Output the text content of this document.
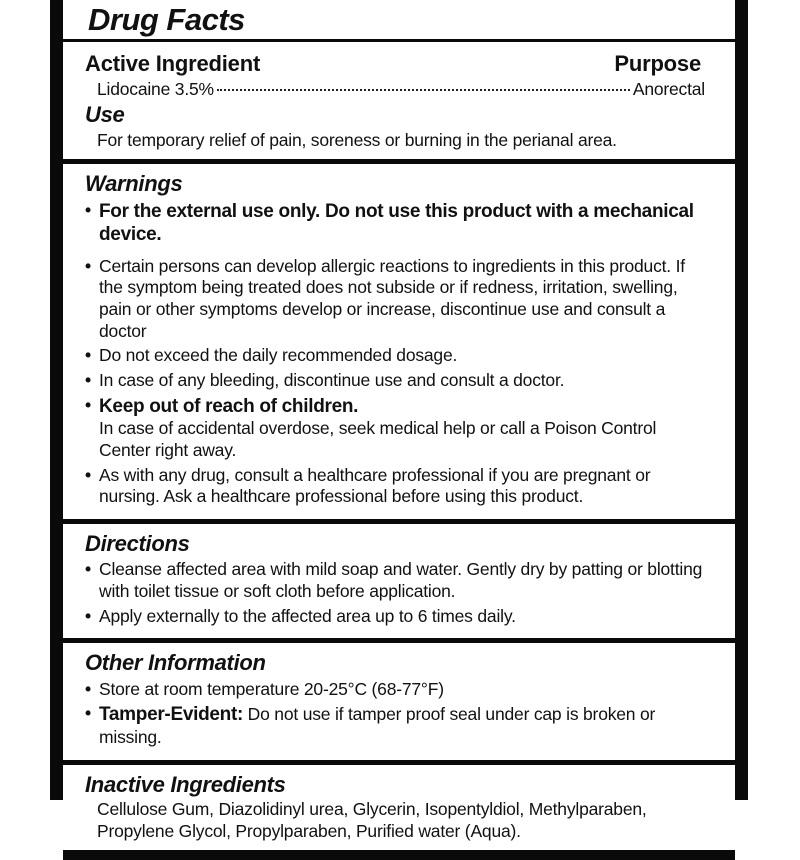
Drug Facts
Active Ingredient	Purpose
Lidocaine 3.5%	Anorectal
Use
For temporary relief of pain, soreness or burning in the perianal area.
Warnings
• For the external use only. Do not use this product with a mechanical device.

• Certain persons can develop allergic reactions to ingredients in this product. If the symptom being treated does not subside or if redness, irritation, swelling, pain or other symptoms develop or increase, discontinue use and consult a doctor

• Do not exceed the daily recommended dosage.

• In case of any bleeding, discontinue use and consult a doctor.

• Keep out of reach of children.
In case of accidental overdose, seek medical help or call a Poison Control Center right away.

• As with any drug, consult a healthcare professional if you are pregnant or nursing. Ask a healthcare professional before using this product.

Directions
• Cleanse affected area with mild soap and water. Gently dry by patting or blotting with toilet tissue or soft cloth before application.

• Apply externally to the affected area up to 6 times daily.

Other Information
• Store at room temperature 20-25°C (68-77°F)

• Tamper-Evident: Do not use if tamper proof seal under cap is broken or missing.

Inactive Ingredients
Cellulose Gum, Diazolidinyl urea, Glycerin, Isopentyldiol, Methylparaben, Propylene Glycol, Propylparaben, Purified water (Aqua).
